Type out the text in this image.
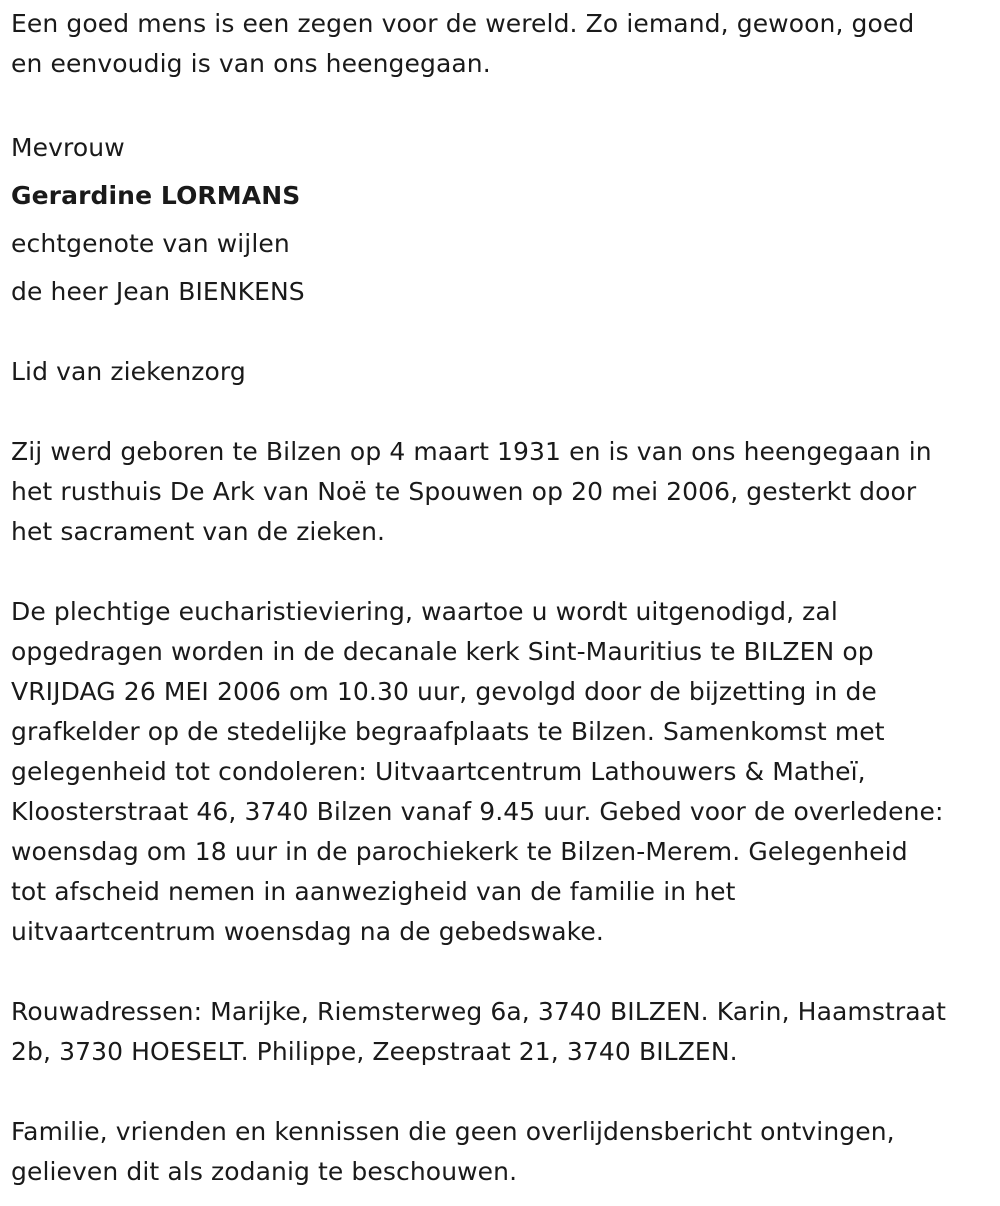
Een goed mens is een zegen voor de wereld. Zo iemand, gewoon, goed

en eenvoudig is van ons heengegaan.

Mevrouw

Gerardine LORMANS

echtgenote van wijlen

de heer Jean BIENKENS

Lid van ziekenzorg

Zij werd geboren te Bilzen op 4 maart 1931 en is van ons heengegaan in

het rusthuis De Ark van Noë te Spouwen op 20 mei 2006, gesterkt door

het sacrament van de zieken.

De plechtige eucharistieviering, waartoe u wordt uitgenodigd, zal

opgedragen worden in de decanale kerk Sint-Mauritius te BILZEN op

VRIJDAG 26 MEI 2006 om 10.30 uur, gevolgd door de bijzetting in de

grafkelder op de stedelijke begraafplaats te Bilzen. Samenkomst met

gelegenheid tot condoleren: Uitvaartcentrum Lathouwers & Matheï,

Kloosterstraat 46, 3740 Bilzen vanaf 9.45 uur. Gebed voor de overledene:

woensdag om 18 uur in de parochiekerk te Bilzen-Merem. Gelegenheid

tot afscheid nemen in aanwezigheid van de familie in het

uitvaartcentrum woensdag na de gebedswake.

Rouwadressen: Marijke, Riemsterweg 6a, 3740 BILZEN. Karin, Haamstraat

2b, 3730 HOESELT. Philippe, Zeepstraat 21, 3740 BILZEN.

Familie, vrienden en kennissen die geen overlijdensbericht ontvingen,

gelieven dit als zodanig te beschouwen.
